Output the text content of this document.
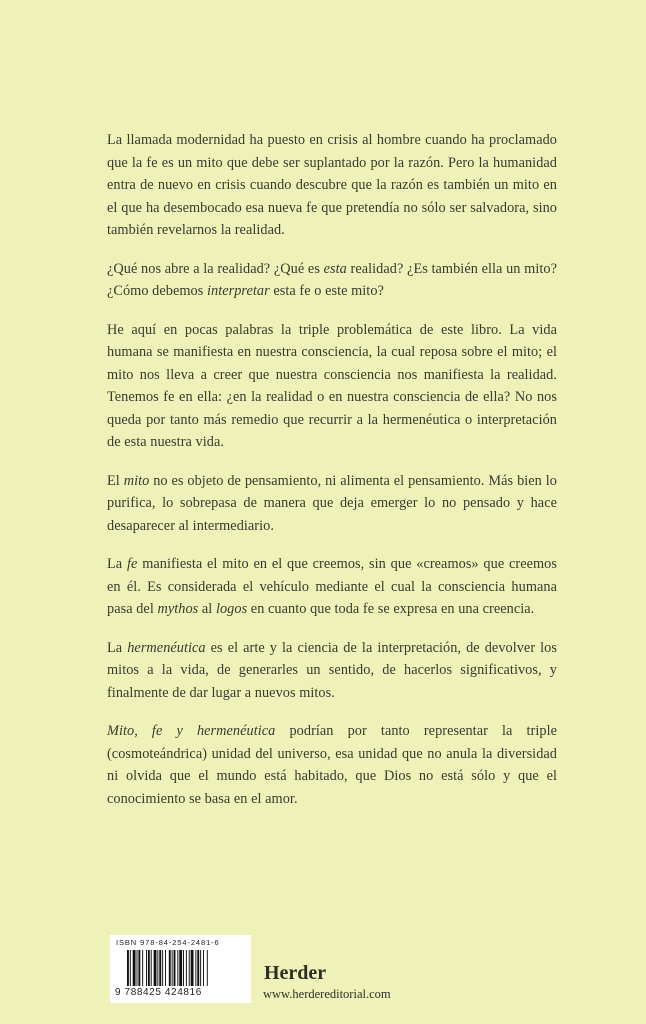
La llamada modernidad ha puesto en crisis al hombre cuando ha proclamado que la fe es un mito que debe ser suplantado por la razón. Pero la humanidad entra de nuevo en crisis cuando descubre que la razón es también un mito en el que ha desembocado esa nueva fe que pretendía no sólo ser salvadora, sino también revelarnos la realidad.

¿Qué nos abre a la realidad? ¿Qué es esta realidad? ¿Es también ella un mito? ¿Cómo debemos interpretar esta fe o este mito?

He aquí en pocas palabras la triple problemática de este libro. La vida humana se manifiesta en nuestra consciencia, la cual reposa sobre el mito; el mito nos lleva a creer que nuestra consciencia nos manifiesta la realidad. Tenemos fe en ella: ¿en la realidad o en nuestra consciencia de ella? No nos queda por tanto más remedio que recurrir a la hermenéutica o interpretación de esta nuestra vida.

El mito no es objeto de pensamiento, ni alimenta el pensamiento. Más bien lo purifica, lo sobrepasa de manera que deja emerger lo no pensado y hace desaparecer al intermediario.

La fe manifiesta el mito en el que creemos, sin que «creamos» que creemos en él. Es considerada el vehículo mediante el cual la consciencia humana pasa del mythos al logos en cuanto que toda fe se expresa en una creencia.

La hermenéutica es el arte y la ciencia de la interpretación, de devolver los mitos a la vida, de generarles un sentido, de hacerlos significativos, y finalmente de dar lugar a nuevos mitos.

Mito, fe y hermenéutica podrían por tanto representar la triple (cosmoteándrica) unidad del universo, esa unidad que no anula la diversidad ni olvida que el mundo está habitado, que Dios no está sólo y que el conocimiento se basa en el amor.

ISBN 978-84-254-2481-6
9 788425 424816
Herder
www.herdereditorial.com
